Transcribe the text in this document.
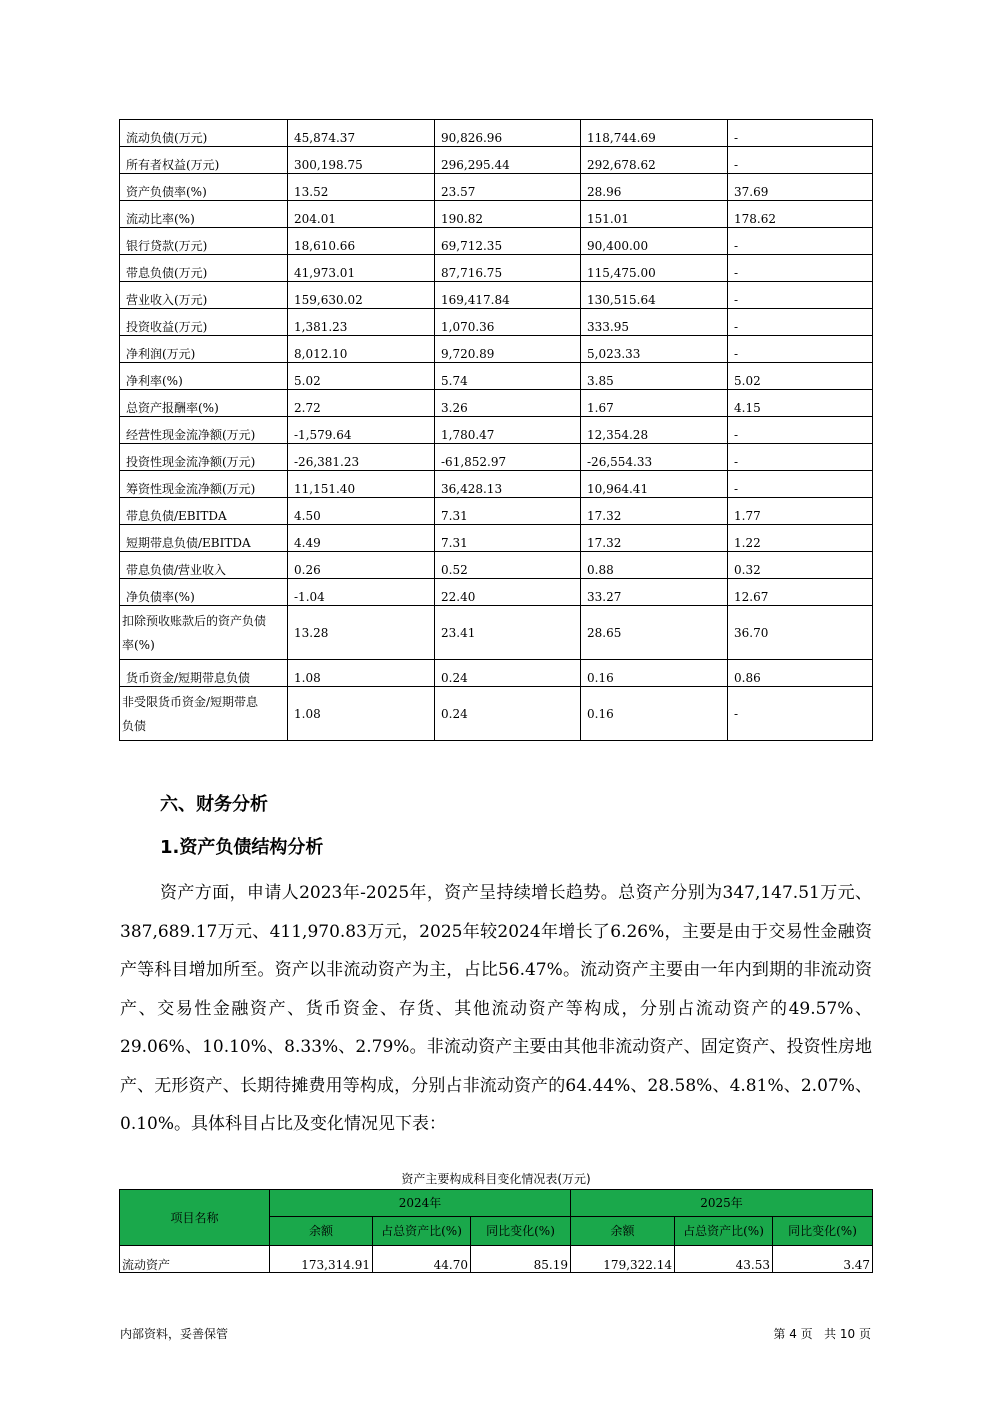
流动负债(万元)	45,874.37	90,826.96	118,744.69	-
所有者权益(万元)	300,198.75	296,295.44	292,678.62	-
资产负债率(%)	13.52	23.57	28.96	37.69
流动比率(%)	204.01	190.82	151.01	178.62
银行贷款(万元)	18,610.66	69,712.35	90,400.00	-
带息负债(万元)	41,973.01	87,716.75	115,475.00	-
营业收入(万元)	159,630.02	169,417.84	130,515.64	-
投资收益(万元)	1,381.23	1,070.36	333.95	-
净利润(万元)	8,012.10	9,720.89	5,023.33	-
净利率(%)	5.02	5.74	3.85	5.02
总资产报酬率(%)	2.72	3.26	1.67	4.15
经营性现金流净额(万元)	-1,579.64	1,780.47	12,354.28	-
投资性现金流净额(万元)	-26,381.23	-61,852.97	-26,554.33	-
筹资性现金流净额(万元)	11,151.40	36,428.13	10,964.41	-
带息负债/EBITDA	4.50	7.31	17.32	1.77
短期带息负债/EBITDA	4.49	7.31	17.32	1.22
带息负债/营业收入	0.26	0.52	0.88	0.32
净负债率(%)	-1.04	22.40	33.27	12.67
扣除预收账款后的资产负债
率(%)	13.28	23.41	28.65	36.70
货币资金/短期带息负债	1.08	0.24	0.16	0.86
非受限货币资金/短期带息
负债	1.08	0.24	0.16	-
六、财务分析
1.资产负债结构分析
资产方面，申请人2023年-2025年，资产呈持续增长趋势。总资产分别为347,147.51万元、387,689.17万元、411,970.83万元，2025年较2024年增长了6.26%，主要是由于交易性金融资产等科目增加所至。资产以非流动资产为主，占比56.47%。流动资产主要由一年内到期的非流动资产、交易性金融资产、货币资金、存货、其他流动资产等构成，分别占流动资产的49.57%、29.06%、10.10%、8.33%、2.79%。非流动资产主要由其他非流动资产、固定资产、投资性房地产、无形资产、长期待摊费用等构成，分别占非流动资产的64.44%、28.58%、4.81%、2.07%、0.10%。具体科目占比及变化情况见下表：
资产主要构成科目变化情况表(万元)
项目名称	2024年			2025年		
	余额	占总资产比(%)	同比变化(%)	余额	占总资产比(%)	同比变化(%)
流动资产	173,314.91	44.70	85.19	179,322.14	43.53	3.47
内部资料，妥善保管	第 4 页   共 10 页
